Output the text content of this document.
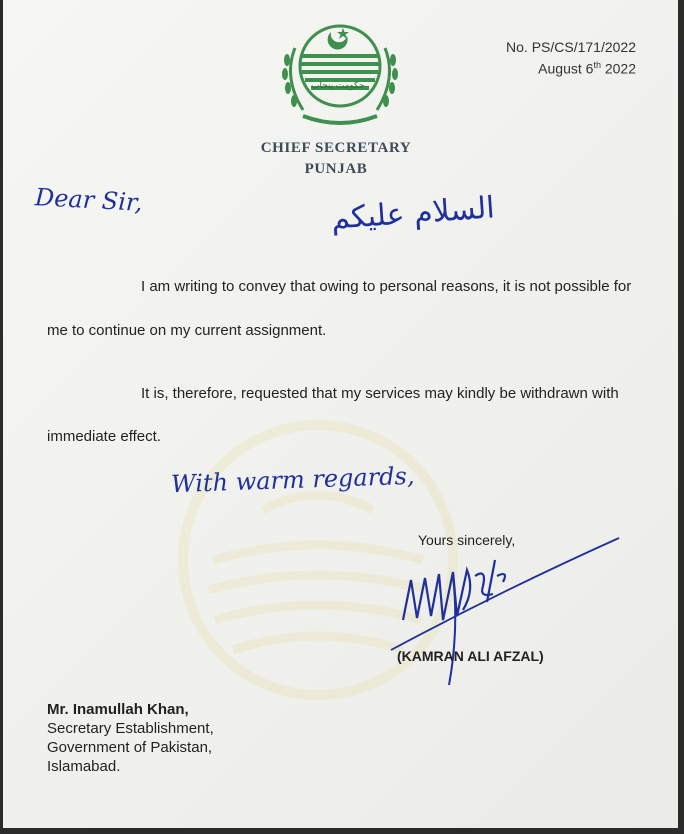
حکومت پنجاب
CHIEF SECRETARY
PUNJAB
No. PS/CS/171/2022
August 6th 2022
Dear Sir,	السلام علیکم
I am writing to convey that owing to personal reasons, it is not possible for
me to continue on my current assignment.
It is, therefore, requested that my services may kindly be withdrawn with
immediate effect.
With warm regards,
Yours sincerely,
(KAMRAN ALI AFZAL)
Mr. Inamullah Khan,
Secretary Establishment,
Government of Pakistan,
Islamabad.
